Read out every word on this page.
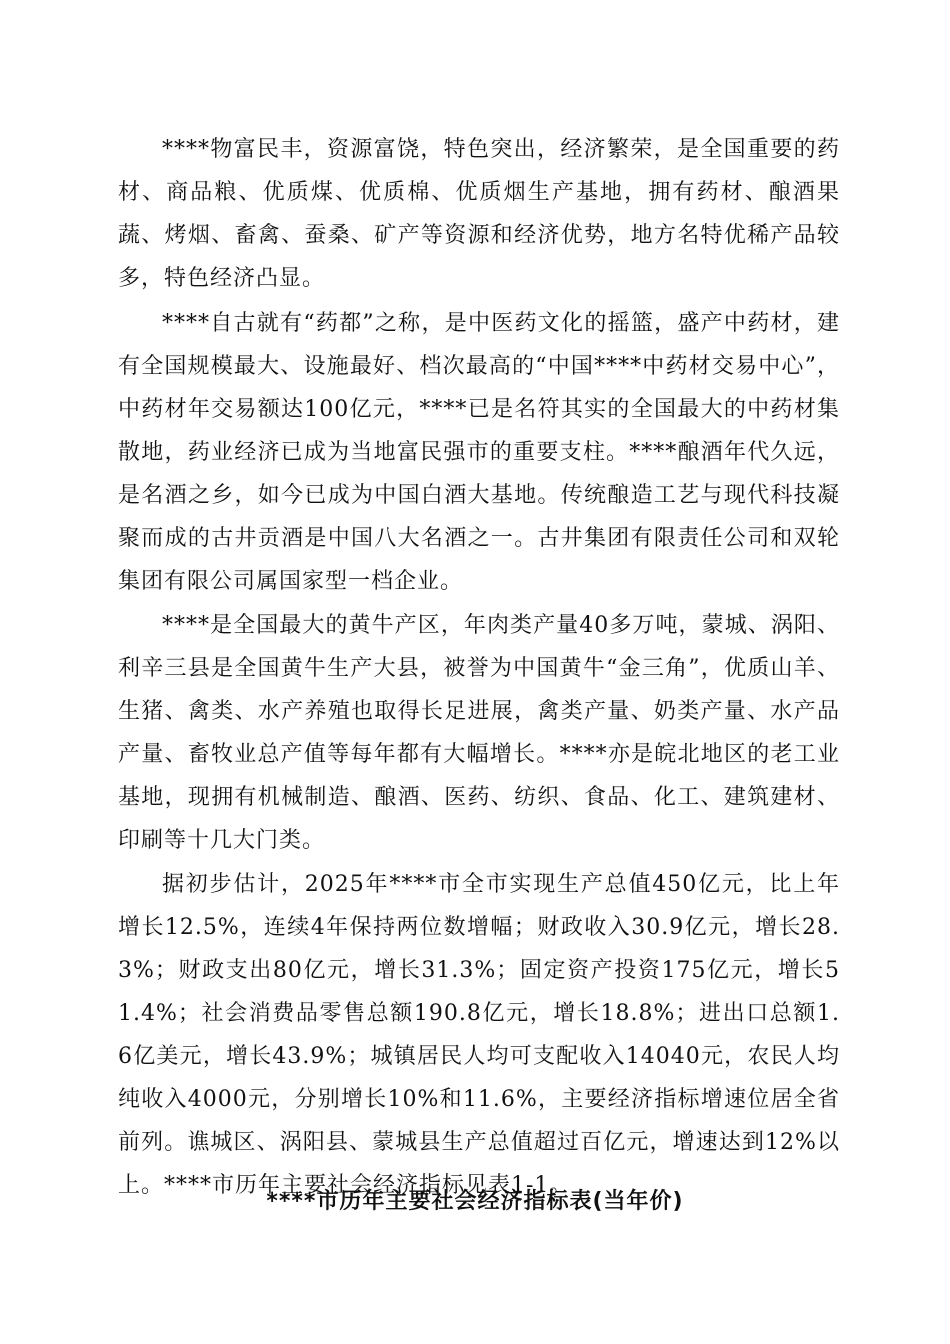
****物富民丰，资源富饶，特色突出，经济繁荣，是全国重要的药材、商品粮、优质煤、优质棉、优质烟生产基地，拥有药材、酿酒果蔬、烤烟、畜禽、蚕桑、矿产等资源和经济优势，地方名特优稀产品较多，特色经济凸显。

****自古就有“药都”之称，是中医药文化的摇篮，盛产中药材，建有全国规模最大、设施最好、档次最高的“中国****中药材交易中心”，中药材年交易额达100亿元，****已是名符其实的全国最大的中药材集散地，药业经济已成为当地富民强市的重要支柱。****酿酒年代久远，是名酒之乡，如今已成为中国白酒大基地。传统酿造工艺与现代科技凝聚而成的古井贡酒是中国八大名酒之一。古井集团有限责任公司和双轮集团有限公司属国家型一档企业。

****是全国最大的黄牛产区，年肉类产量40多万吨，蒙城、涡阳、利辛三县是全国黄牛生产大县，被誉为中国黄牛“金三角”，优质山羊、生猪、禽类、水产养殖也取得长足进展，禽类产量、奶类产量、水产品产量、畜牧业总产值等每年都有大幅增长。****亦是皖北地区的老工业基地，现拥有机械制造、酿酒、医药、纺织、食品、化工、建筑建材、印刷等十几大门类。

据初步估计，2025年****市全市实现生产总值450亿元，比上年增长12.5%，连续4年保持两位数增幅；财政收入30.9亿元，增长28.3%；财政支出80亿元，增长31.3%；固定资产投资175亿元，增长51.4%；社会消费品零售总额190.8亿元，增长18.8%；进出口总额1.6亿美元，增长43.9%；城镇居民人均可支配收入14040元，农民人均纯收入4000元，分别增长10%和11.6%，主要经济指标增速位居全省前列。谯城区、涡阳县、蒙城县生产总值超过百亿元，增速达到12%以上。****市历年主要社会经济指标见表1-1。

****市历年主要社会经济指标表(当年价)
